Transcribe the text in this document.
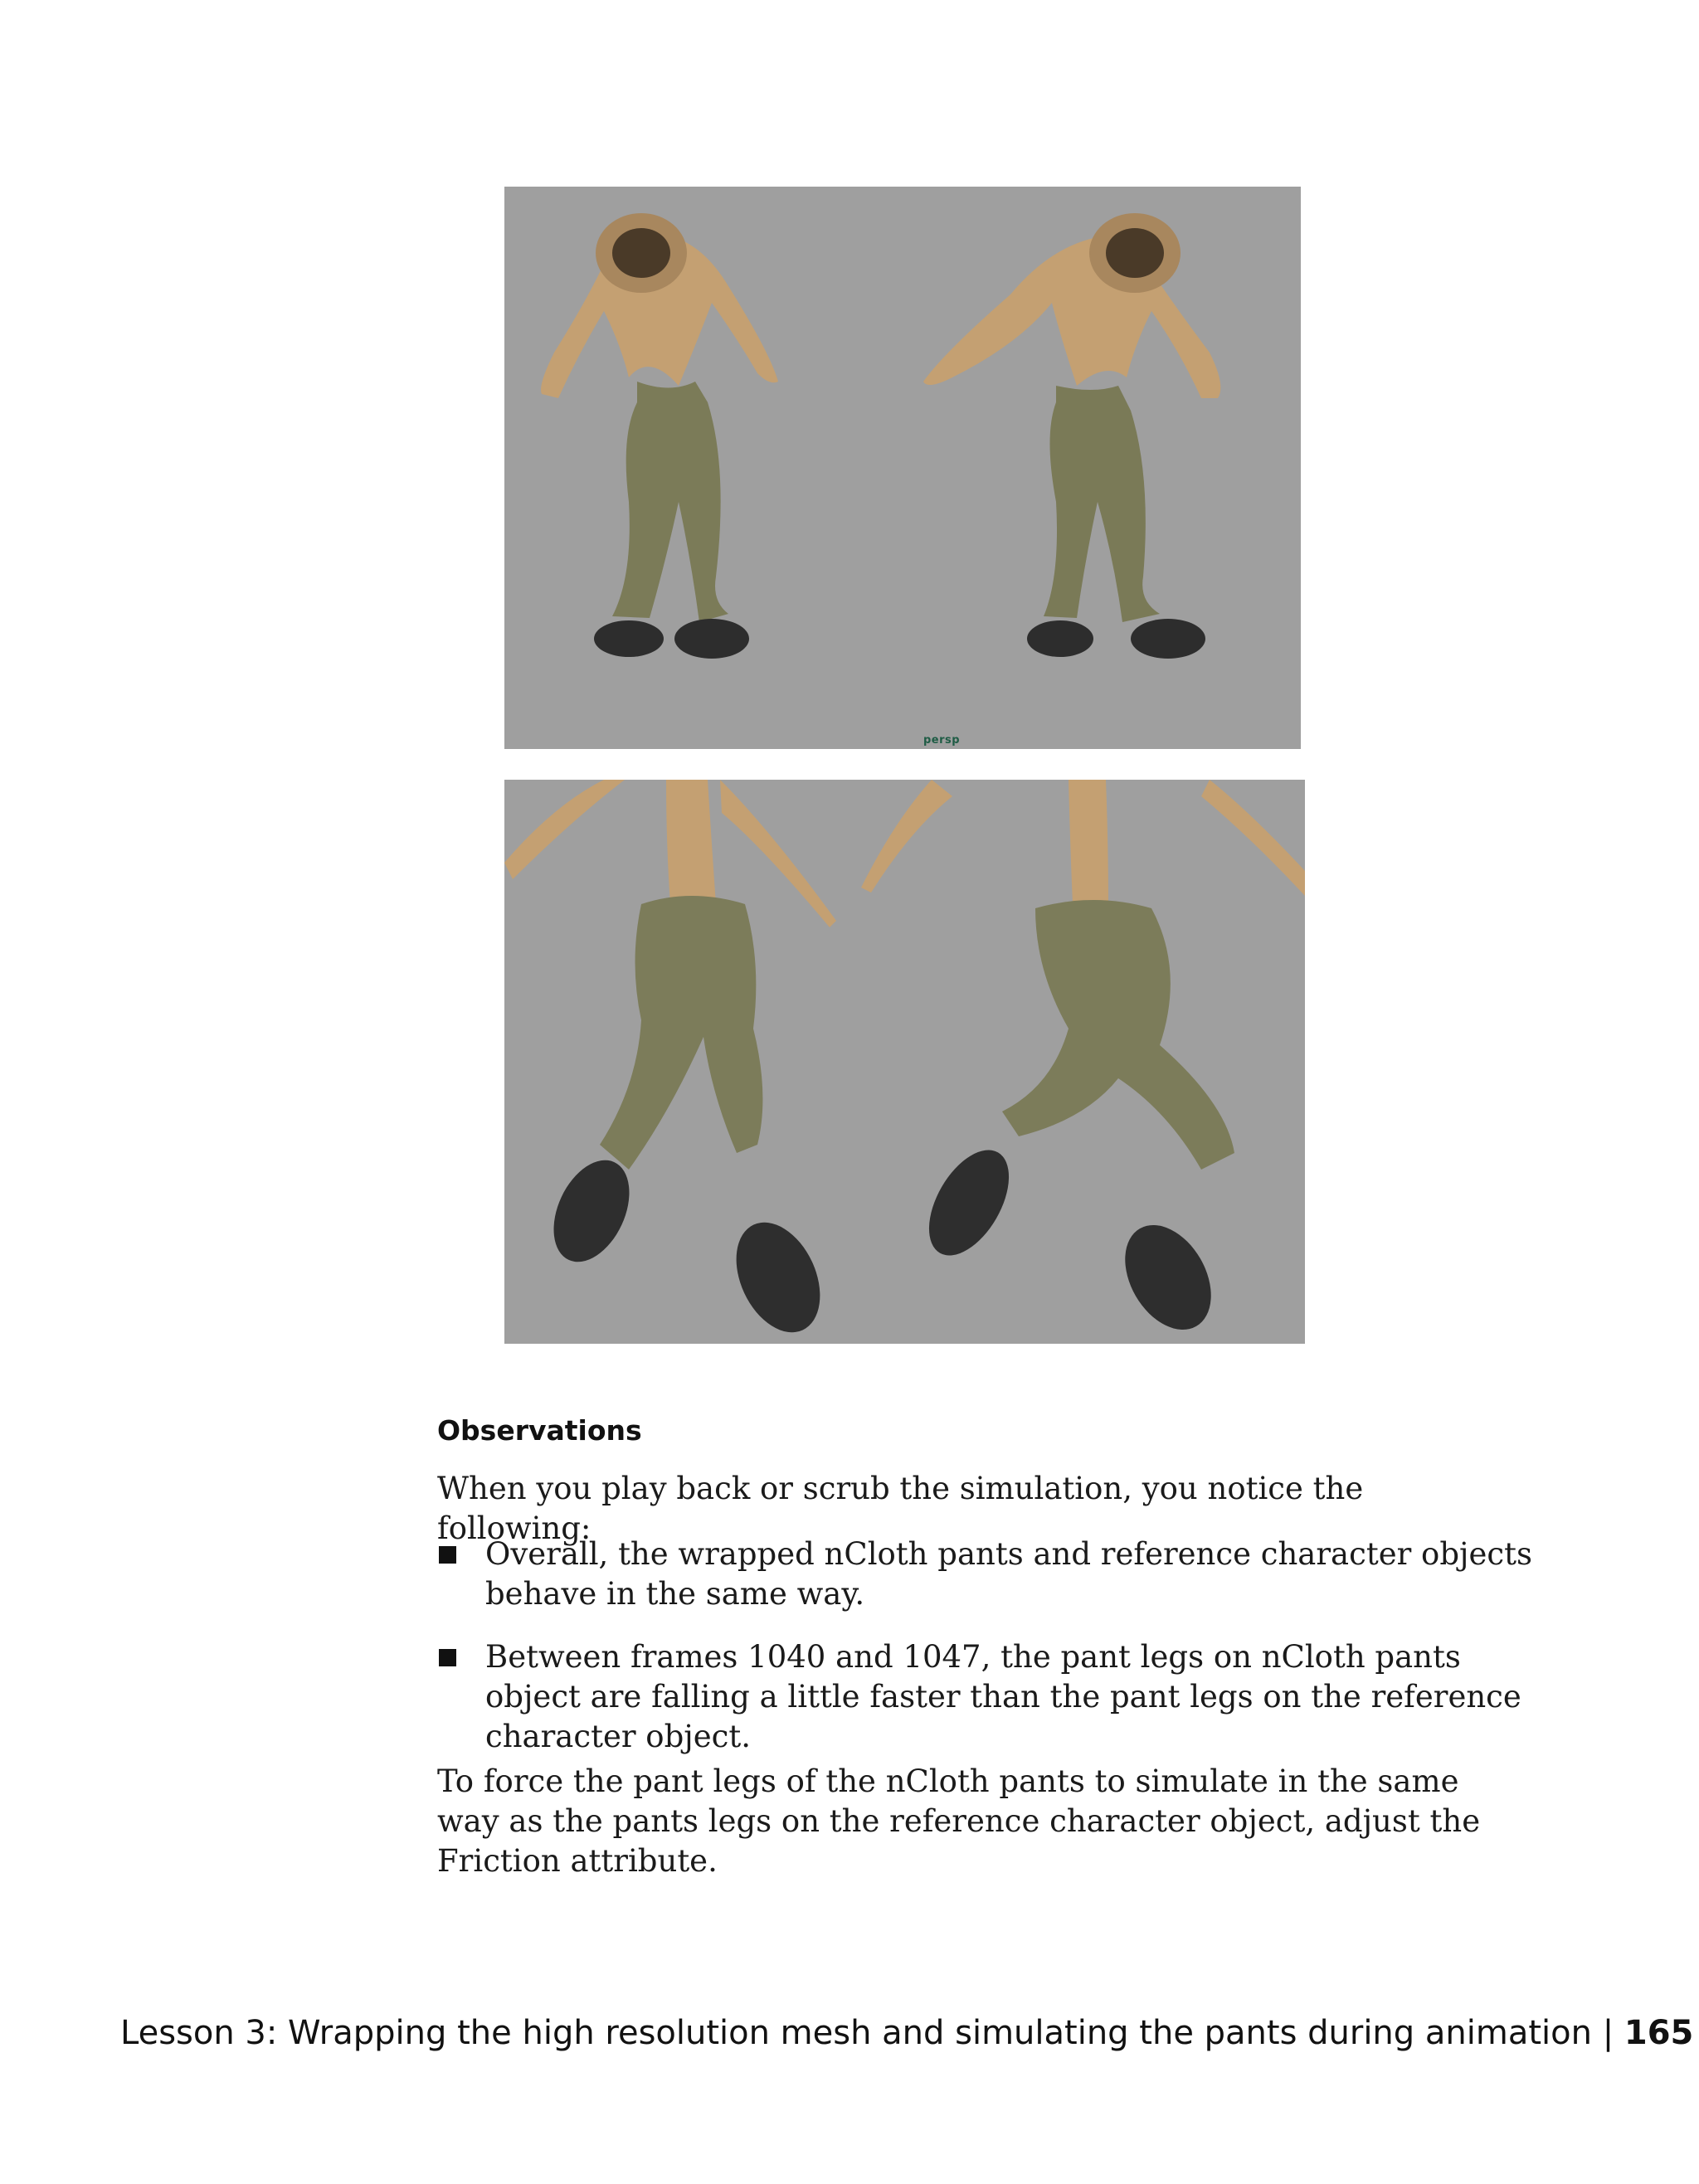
persp
Observations
When you play back or scrub the simulation, you notice the following:
Overall, the wrapped nCloth pants and reference character objects behave in the same way.
Between frames 1040 and 1047, the pant legs on nCloth pants object are falling a little faster than the pant legs on the reference character object.
To force the pant legs of the nCloth pants to simulate in the same way as the pants legs on the reference character object, adjust the Friction attribute.
Lesson 3: Wrapping the high resolution mesh and simulating the pants during animation | 165
